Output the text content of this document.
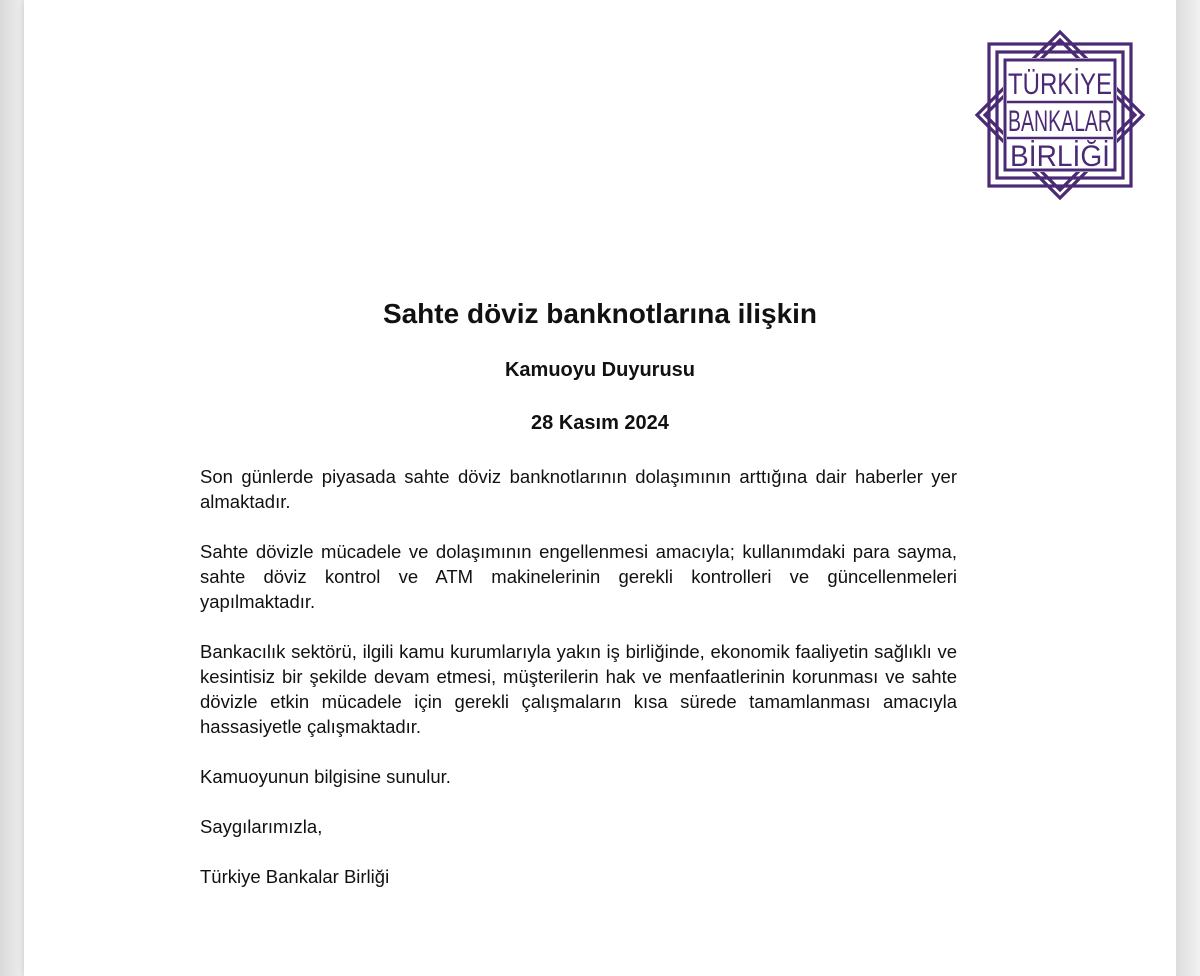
TÜRKİYE
BANKALAR
BİRLİĞİ
Sahte döviz banknotlarına ilişkin
Kamuoyu Duyurusu
28 Kasım 2024

Son günlerde piyasada sahte döviz banknotlarının dolaşımının arttığına dair haberler yer almaktadır.

Sahte dövizle mücadele ve dolaşımının engellenmesi amacıyla; kullanımdaki para sayma, sahte döviz kontrol ve ATM makinelerinin gerekli kontrolleri ve güncellenmeleri yapılmaktadır.

Bankacılık sektörü, ilgili kamu kurumlarıyla yakın iş birliğinde, ekonomik faaliyetin sağlıklı ve kesintisiz bir şekilde devam etmesi, müşterilerin hak ve menfaatlerinin korunması ve sahte dövizle etkin mücadele için gerekli çalışmaların kısa sürede tamamlanması amacıyla hassasiyetle çalışmaktadır.

Kamuoyunun bilgisine sunulur.

Saygılarımızla,

Türkiye Bankalar Birliği
